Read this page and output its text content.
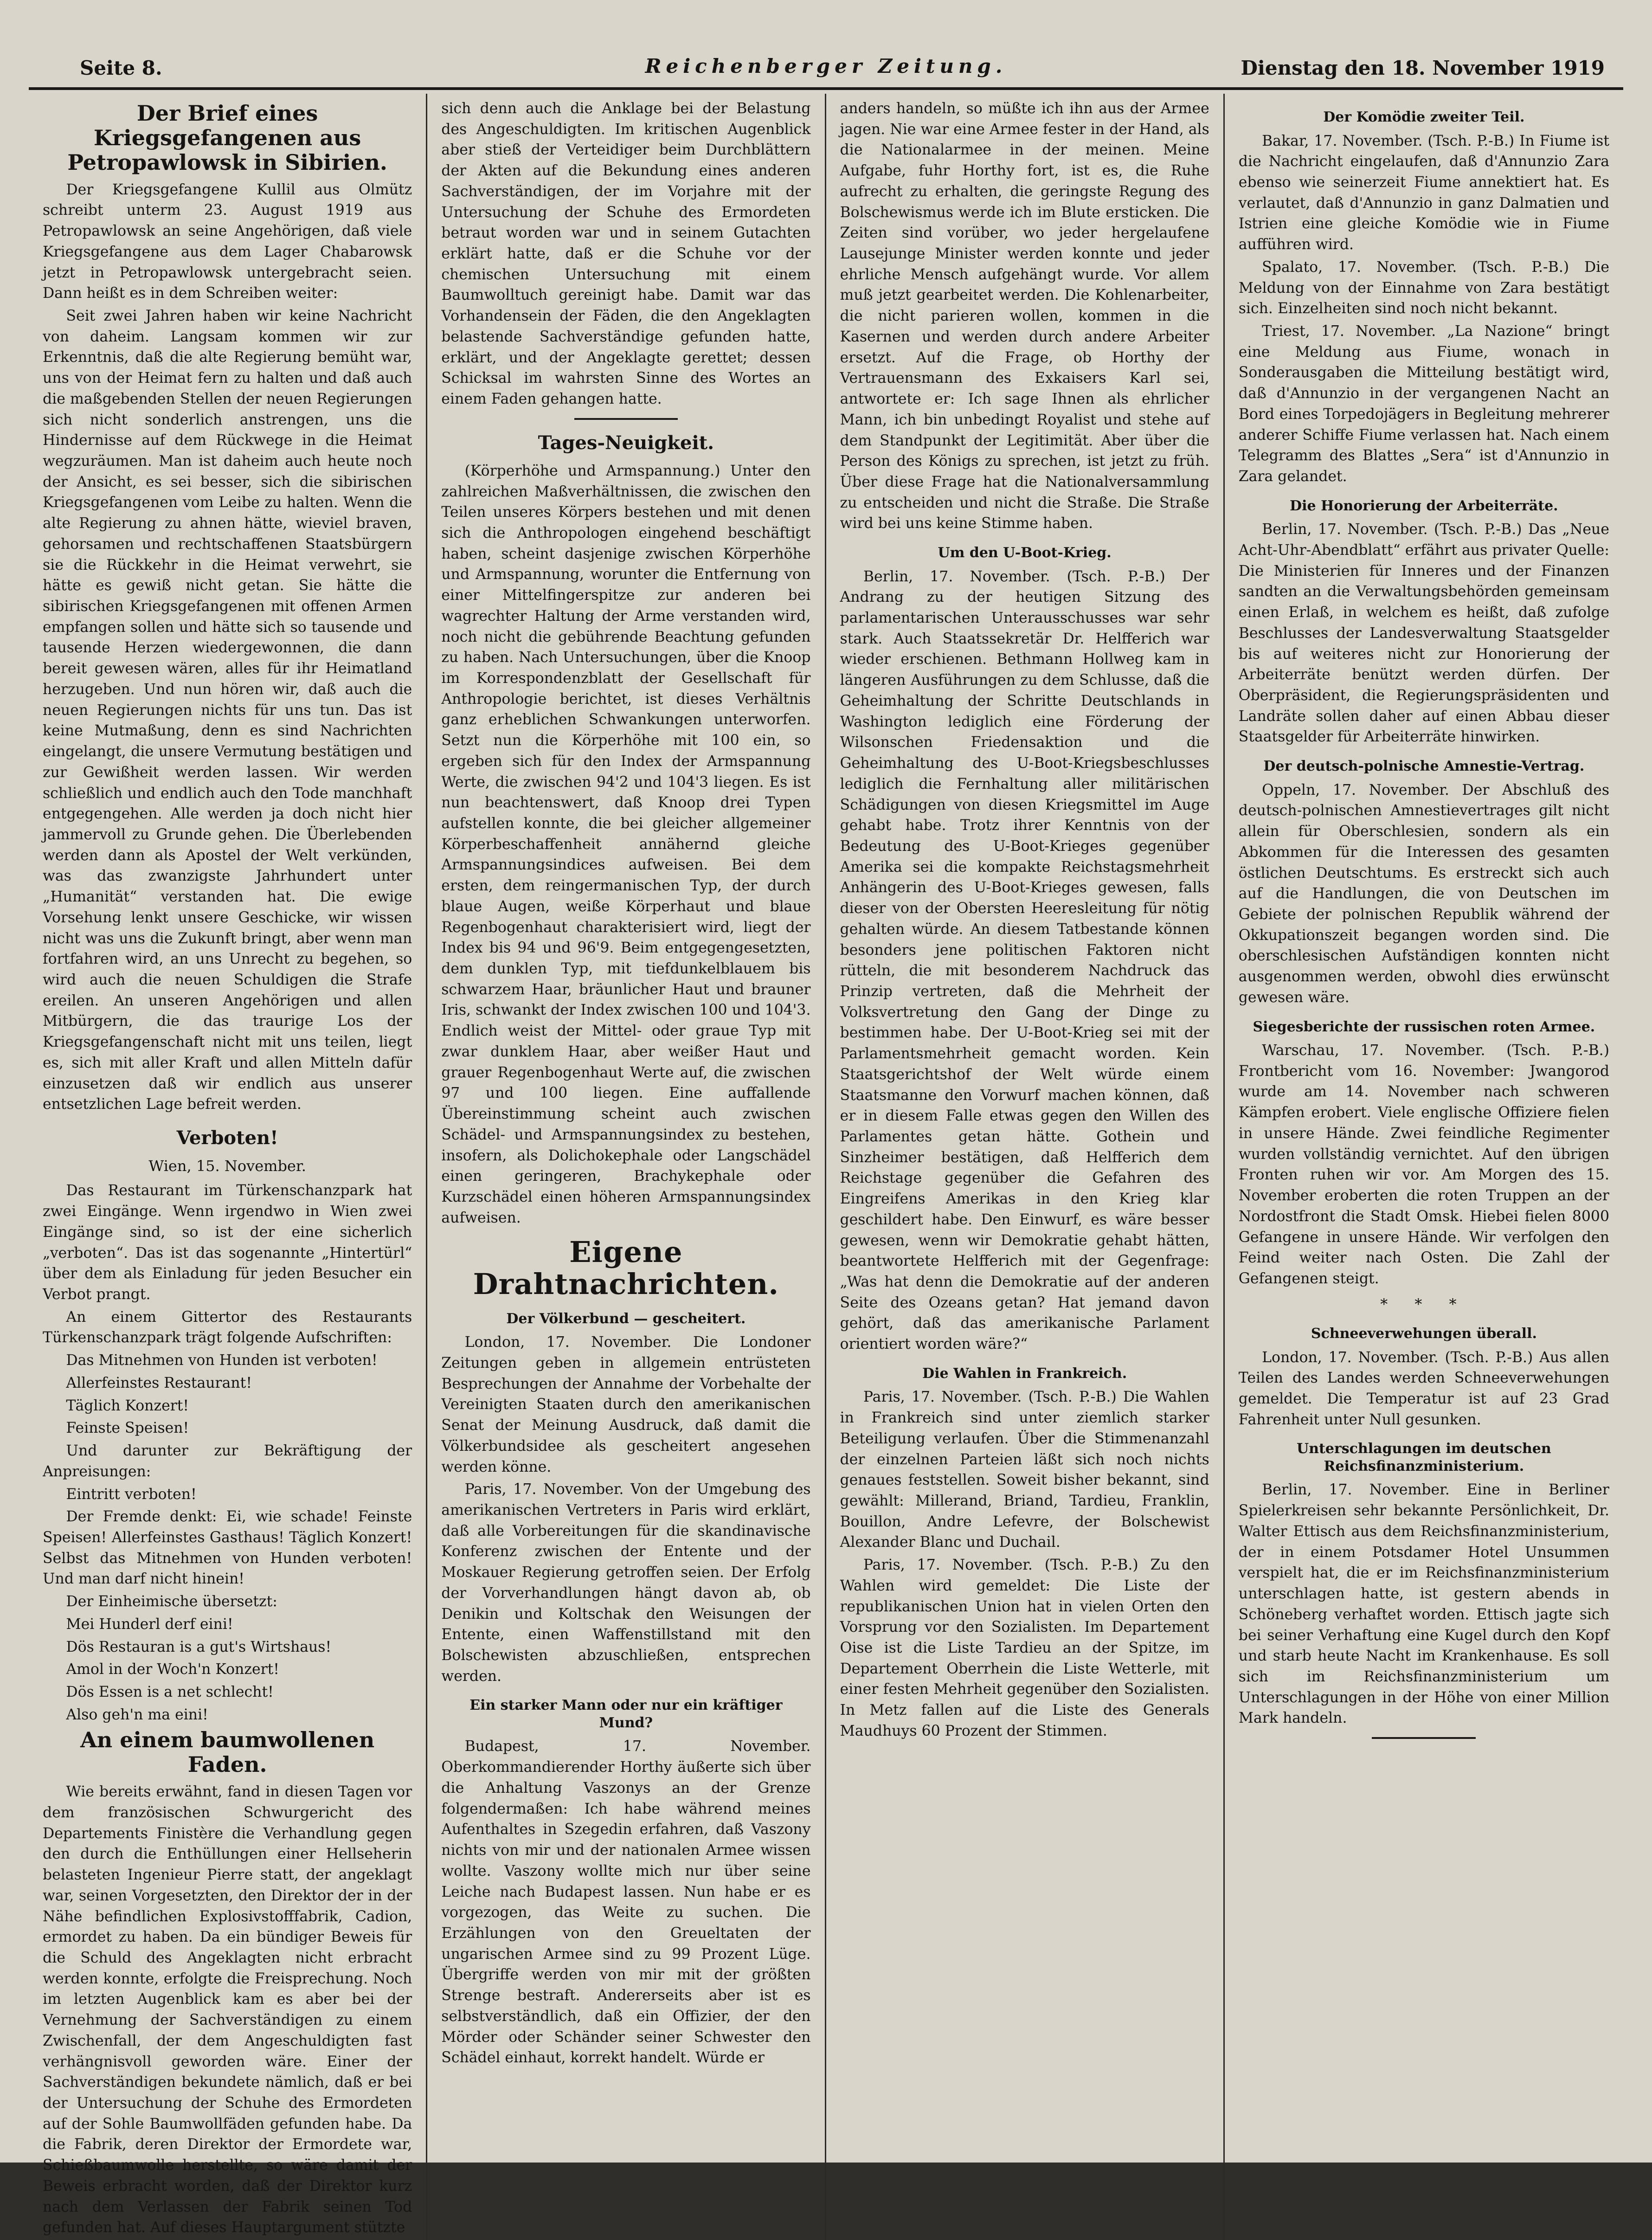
Seite 8.	Reichenberger Zeitung.	Dienstag den 18. November 1919
Der Brief eines Kriegsgefangenen aus Petropawlowsk in Sibirien.

Der Kriegsgefangene Kullil aus Olmütz schreibt unterm 23. August 1919 aus Petropawlowsk an seine Angehörigen, daß viele Kriegsgefangene aus dem Lager Chabarowsk jetzt in Petropawlowsk untergebracht seien. Dann heißt es in dem Schreiben weiter:

Seit zwei Jahren haben wir keine Nachricht von daheim. Langsam kommen wir zur Erkenntnis, daß die alte Regierung bemüht war, uns von der Heimat fern zu halten und daß auch die maßgebenden Stellen der neuen Regierungen sich nicht sonderlich anstrengen, uns die Hindernisse auf dem Rückwege in die Heimat wegzuräumen. Man ist daheim auch heute noch der Ansicht, es sei besser, sich die sibirischen Kriegsgefangenen vom Leibe zu halten. Wenn die alte Regierung zu ahnen hätte, wieviel braven, gehorsamen und rechtschaffenen Staatsbürgern sie die Rückkehr in die Heimat verwehrt, sie hätte es gewiß nicht getan. Sie hätte die sibirischen Kriegsgefangenen mit offenen Armen empfangen sollen und hätte sich so tausende und tausende Herzen wiedergewonnen, die dann bereit gewesen wären, alles für ihr Heimatland herzugeben. Und nun hören wir, daß auch die neuen Regierungen nichts für uns tun. Das ist keine Mutmaßung, denn es sind Nachrichten eingelangt, die unsere Vermutung bestätigen und zur Gewißheit werden lassen. Wir werden schließlich und endlich auch den Tode manchhaft entgegengehen. Alle werden ja doch nicht hier jammervoll zu Grunde gehen. Die Überlebenden werden dann als Apostel der Welt verkünden, was das zwanzigste Jahrhundert unter „Humanität“ verstanden hat. Die ewige Vorsehung lenkt unsere Geschicke, wir wissen nicht was uns die Zukunft bringt, aber wenn man fortfahren wird, an uns Unrecht zu begehen, so wird auch die neuen Schuldigen die Strafe ereilen. An unseren Angehörigen und allen Mitbürgern, die das traurige Los der Kriegsgefangenschaft nicht mit uns teilen, liegt es, sich mit aller Kraft und allen Mitteln dafür einzusetzen daß wir endlich aus unserer entsetzlichen Lage befreit werden.

Verboten!
Wien, 15. November.

Das Restaurant im Türkenschanzpark hat zwei Eingänge. Wenn irgendwo in Wien zwei Eingänge sind, so ist der eine sicherlich „verboten“. Das ist das sogenannte „Hintertürl“ über dem als Einladung für jeden Besucher ein Verbot prangt.

An einem Gittertor des Restaurants Türkenschanzpark trägt folgende Aufschriften:

Das Mitnehmen von Hunden ist verboten!

Allerfeinstes Restaurant!

Täglich Konzert!

Feinste Speisen!

Und darunter zur Bekräftigung der Anpreisungen:

Eintritt verboten!

Der Fremde denkt: Ei, wie schade! Feinste Speisen! Allerfeinstes Gasthaus! Täglich Konzert! Selbst das Mitnehmen von Hunden verboten! Und man darf nicht hinein!

Der Einheimische übersetzt:

Mei Hunderl derf eini!

Dös Restauran is a gut's Wirtshaus!

Amol in der Woch'n Konzert!

Dös Essen is a net schlecht!

Also geh'n ma eini!

An einem baumwollenen Faden.

Wie bereits erwähnt, fand in diesen Tagen vor dem französischen Schwurgericht des Departements Finistère die Verhandlung gegen den durch die Enthüllungen einer Hellseherin belasteten Ingenieur Pierre statt, der angeklagt war, seinen Vorgesetzten, den Direktor der in der Nähe befindlichen Explosivstofffabrik, Cadion, ermordet zu haben. Da ein bündiger Beweis für die Schuld des Angeklagten nicht erbracht werden konnte, erfolgte die Freisprechung. Noch im letzten Augenblick kam es aber bei der Vernehmung der Sachverständigen zu einem Zwischenfall, der dem Angeschuldigten fast verhängnisvoll geworden wäre. Einer der Sachverständigen bekundete nämlich, daß er bei der Untersuchung der Schuhe des Ermordeten auf der Sohle Baumwollfäden gefunden habe. Da die Fabrik, deren Direktor der Ermordete war, Schießbaumwolle herstellte, so wäre damit der Beweis erbracht worden, daß der Direktor kurz nach dem Verlassen der Fabrik seinen Tod gefunden hat. Auf dieses Hauptargument stützte

sich denn auch die Anklage bei der Belastung des Angeschuldigten. Im kritischen Augenblick aber stieß der Verteidiger beim Durchblättern der Akten auf die Bekundung eines anderen Sachverständigen, der im Vorjahre mit der Untersuchung der Schuhe des Ermordeten betraut worden war und in seinem Gutachten erklärt hatte, daß er die Schuhe vor der chemischen Untersuchung mit einem Baumwolltuch gereinigt habe. Damit war das Vorhandensein der Fäden, die den Angeklagten belastende Sachverständige gefunden hatte, erklärt, und der Angeklagte gerettet; dessen Schicksal im wahrsten Sinne des Wortes an einem Faden gehangen hatte.

Tages-Neuigkeit.

(Körperhöhe und Armspannung.) Unter den zahlreichen Maßverhältnissen, die zwischen den Teilen unseres Körpers bestehen und mit denen sich die Anthropologen eingehend beschäftigt haben, scheint dasjenige zwischen Körperhöhe und Armspannung, worunter die Entfernung von einer Mittelfingerspitze zur anderen bei wagrechter Haltung der Arme verstanden wird, noch nicht die gebührende Beachtung gefunden zu haben. Nach Untersuchungen, über die Knoop im Korrespondenzblatt der Gesellschaft für Anthropologie berichtet, ist dieses Verhältnis ganz erheblichen Schwankungen unterworfen. Setzt nun die Körperhöhe mit 100 ein, so ergeben sich für den Index der Armspannung Werte, die zwischen 94'2 und 104'3 liegen. Es ist nun beachtenswert, daß Knoop drei Typen aufstellen konnte, die bei gleicher allgemeiner Körperbeschaffenheit annähernd gleiche Armspannungsindices aufweisen. Bei dem ersten, dem reingermanischen Typ, der durch blaue Augen, weiße Körperhaut und blaue Regenbogenhaut charakterisiert wird, liegt der Index bis 94 und 96'9. Beim entgegengesetzten, dem dunklen Typ, mit tiefdunkelblauem bis schwarzem Haar, bräunlicher Haut und brauner Iris, schwankt der Index zwischen 100 und 104'3. Endlich weist der Mittel- oder graue Typ mit zwar dunklem Haar, aber weißer Haut und grauer Regenbogenhaut Werte auf, die zwischen 97 und 100 liegen. Eine auffallende Übereinstimmung scheint auch zwischen Schädel- und Armspannungsindex zu bestehen, insofern, als Dolichokephale oder Langschädel einen geringeren, Brachykephale oder Kurzschädel einen höheren Armspannungsindex aufweisen.

Eigene Drahtnachrichten.
Der Völkerbund — gescheitert.

London, 17. November. Die Londoner Zeitungen geben in allgemein entrüsteten Besprechungen der Annahme der Vorbehalte der Vereinigten Staaten durch den amerikanischen Senat der Meinung Ausdruck, daß damit die Völkerbundsidee als gescheitert angesehen werden könne.

Paris, 17. November. Von der Umgebung des amerikanischen Vertreters in Paris wird erklärt, daß alle Vorbereitungen für die skandinavische Konferenz zwischen der Entente und der Moskauer Regierung getroffen seien. Der Erfolg der Vorverhandlungen hängt davon ab, ob Denikin und Koltschak den Weisungen der Entente, einen Waffenstillstand mit den Bolschewisten abzuschließen, entsprechen werden.

Ein starker Mann oder nur ein kräftiger Mund?

Budapest, 17. November. Oberkommandierender Horthy äußerte sich über die Anhaltung Vaszonys an der Grenze folgendermaßen: Ich habe während meines Aufenthaltes in Szegedin erfahren, daß Vaszony nichts von mir und der nationalen Armee wissen wollte. Vaszony wollte mich nur über seine Leiche nach Budapest lassen. Nun habe er es vorgezogen, das Weite zu suchen. Die Erzählungen von den Greueltaten der ungarischen Armee sind zu 99 Prozent Lüge. Übergriffe werden von mir mit der größten Strenge bestraft. Andererseits aber ist es selbstverständlich, daß ein Offizier, der den Mörder oder Schänder seiner Schwester den Schädel einhaut, korrekt handelt. Würde er

anders handeln, so müßte ich ihn aus der Armee jagen. Nie war eine Armee fester in der Hand, als die Nationalarmee in der meinen. Meine Aufgabe, fuhr Horthy fort, ist es, die Ruhe aufrecht zu erhalten, die geringste Regung des Bolschewismus werde ich im Blute ersticken. Die Zeiten sind vorüber, wo jeder hergelaufene Lausejunge Minister werden konnte und jeder ehrliche Mensch aufgehängt wurde. Vor allem muß jetzt gearbeitet werden. Die Kohlenarbeiter, die nicht parieren wollen, kommen in die Kasernen und werden durch andere Arbeiter ersetzt. Auf die Frage, ob Horthy der Vertrauensmann des Exkaisers Karl sei, antwortete er: Ich sage Ihnen als ehrlicher Mann, ich bin unbedingt Royalist und stehe auf dem Standpunkt der Legitimität. Aber über die Person des Königs zu sprechen, ist jetzt zu früh. Über diese Frage hat die Nationalversammlung zu entscheiden und nicht die Straße. Die Straße wird bei uns keine Stimme haben.

Um den U-Boot-Krieg.

Berlin, 17. November. (Tsch. P.-B.) Der Andrang zu der heutigen Sitzung des parlamentarischen Unterausschusses war sehr stark. Auch Staatssekretär Dr. Helfferich war wieder erschienen. Bethmann Hollweg kam in längeren Ausführungen zu dem Schlusse, daß die Geheimhaltung der Schritte Deutschlands in Washington lediglich eine Förderung der Wilsonschen Friedensaktion und die Geheimhaltung des U-Boot-Kriegsbeschlusses lediglich die Fernhaltung aller militärischen Schädigungen von diesen Kriegsmittel im Auge gehabt habe. Trotz ihrer Kenntnis von der Bedeutung des U-Boot-Krieges gegenüber Amerika sei die kompakte Reichstagsmehrheit Anhängerin des U-Boot-Krieges gewesen, falls dieser von der Obersten Heeresleitung für nötig gehalten würde. An diesem Tatbestande können besonders jene politischen Faktoren nicht rütteln, die mit besonderem Nachdruck das Prinzip vertreten, daß die Mehrheit der Volksvertretung den Gang der Dinge zu bestimmen habe. Der U-Boot-Krieg sei mit der Parlamentsmehrheit gemacht worden. Kein Staatsgerichtshof der Welt würde einem Staatsmanne den Vorwurf machen können, daß er in diesem Falle etwas gegen den Willen des Parlamentes getan hätte. Gothein und Sinzheimer bestätigen, daß Helfferich dem Reichstage gegenüber die Gefahren des Eingreifens Amerikas in den Krieg klar geschildert habe. Den Einwurf, es wäre besser gewesen, wenn wir Demokratie gehabt hätten, beantwortete Helfferich mit der Gegenfrage: „Was hat denn die Demokratie auf der anderen Seite des Ozeans getan? Hat jemand davon gehört, daß das amerikanische Parlament orientiert worden wäre?“

Die Wahlen in Frankreich.

Paris, 17. November. (Tsch. P.-B.) Die Wahlen in Frankreich sind unter ziemlich starker Beteiligung verlaufen. Über die Stimmenanzahl der einzelnen Parteien läßt sich noch nichts genaues feststellen. Soweit bisher bekannt, sind gewählt: Millerand, Briand, Tardieu, Franklin, Bouillon, Andre Lefevre, der Bolschewist Alexander Blanc und Duchail.

Paris, 17. November. (Tsch. P.-B.) Zu den Wahlen wird gemeldet: Die Liste der republikanischen Union hat in vielen Orten den Vorsprung vor den Sozialisten. Im Departement Oise ist die Liste Tardieu an der Spitze, im Departement Oberrhein die Liste Wetterle, mit einer festen Mehrheit gegenüber den Sozialisten. In Metz fallen auf die Liste des Generals Maudhuys 60 Prozent der Stimmen.

Der Komödie zweiter Teil.

Bakar, 17. November. (Tsch. P.-B.) In Fiume ist die Nachricht eingelaufen, daß d'Annunzio Zara ebenso wie seinerzeit Fiume annektiert hat. Es verlautet, daß d'Annunzio in ganz Dalmatien und Istrien eine gleiche Komödie wie in Fiume aufführen wird.

Spalato, 17. November. (Tsch. P.-B.) Die Meldung von der Einnahme von Zara bestätigt sich. Einzelheiten sind noch nicht bekannt.

Triest, 17. November. „La Nazione“ bringt eine Meldung aus Fiume, wonach in Sonderausgaben die Mitteilung bestätigt wird, daß d'Annunzio in der vergangenen Nacht an Bord eines Torpedojägers in Begleitung mehrerer anderer Schiffe Fiume verlassen hat. Nach einem Telegramm des Blattes „Sera“ ist d'Annunzio in Zara gelandet.

Die Honorierung der Arbeiterräte.

Berlin, 17. November. (Tsch. P.-B.) Das „Neue Acht-Uhr-Abendblatt“ erfährt aus privater Quelle: Die Ministerien für Inneres und der Finanzen sandten an die Verwaltungsbehörden gemeinsam einen Erlaß, in welchem es heißt, daß zufolge Beschlusses der Landesverwaltung Staatsgelder bis auf weiteres nicht zur Honorierung der Arbeiterräte benützt werden dürfen. Der Oberpräsident, die Regierungspräsidenten und Landräte sollen daher auf einen Abbau dieser Staatsgelder für Arbeiterräte hinwirken.

Der deutsch-polnische Amnestie-Vertrag.

Oppeln, 17. November. Der Abschluß des deutsch-polnischen Amnestievertrages gilt nicht allein für Oberschlesien, sondern als ein Abkommen für die Interessen des gesamten östlichen Deutschtums. Es erstreckt sich auch auf die Handlungen, die von Deutschen im Gebiete der polnischen Republik während der Okkupationszeit begangen worden sind. Die oberschlesischen Aufständigen konnten nicht ausgenommen werden, obwohl dies erwünscht gewesen wäre.

Siegesberichte der russischen roten Armee.

Warschau, 17. November. (Tsch. P.-B.) Frontbericht vom 16. November: Jwangorod wurde am 14. November nach schweren Kämpfen erobert. Viele englische Offiziere fielen in unsere Hände. Zwei feindliche Regimenter wurden vollständig vernichtet. Auf den übrigen Fronten ruhen wir vor. Am Morgen des 15. November eroberten die roten Truppen an der Nordostfront die Stadt Omsk. Hiebei fielen 8000 Gefangene in unsere Hände. Wir verfolgen den Feind weiter nach Osten. Die Zahl der Gefangenen steigt.

* * *
Schneeverwehungen überall.

London, 17. November. (Tsch. P.-B.) Aus allen Teilen des Landes werden Schneeverwehungen gemeldet. Die Temperatur ist auf 23 Grad Fahrenheit unter Null gesunken.

Unterschlagungen im deutschen Reichsfinanzministerium.

Berlin, 17. November. Eine in Berliner Spielerkreisen sehr bekannte Persönlichkeit, Dr. Walter Ettisch aus dem Reichsfinanzministerium, der in einem Potsdamer Hotel Unsummen verspielt hat, die er im Reichsfinanzministerium unterschlagen hatte, ist gestern abends in Schöneberg verhaftet worden. Ettisch jagte sich bei seiner Verhaftung eine Kugel durch den Kopf und starb heute Nacht im Krankenhause. Es soll sich im Reichsfinanzministerium um Unterschlagungen in der Höhe von einer Million Mark handeln.
